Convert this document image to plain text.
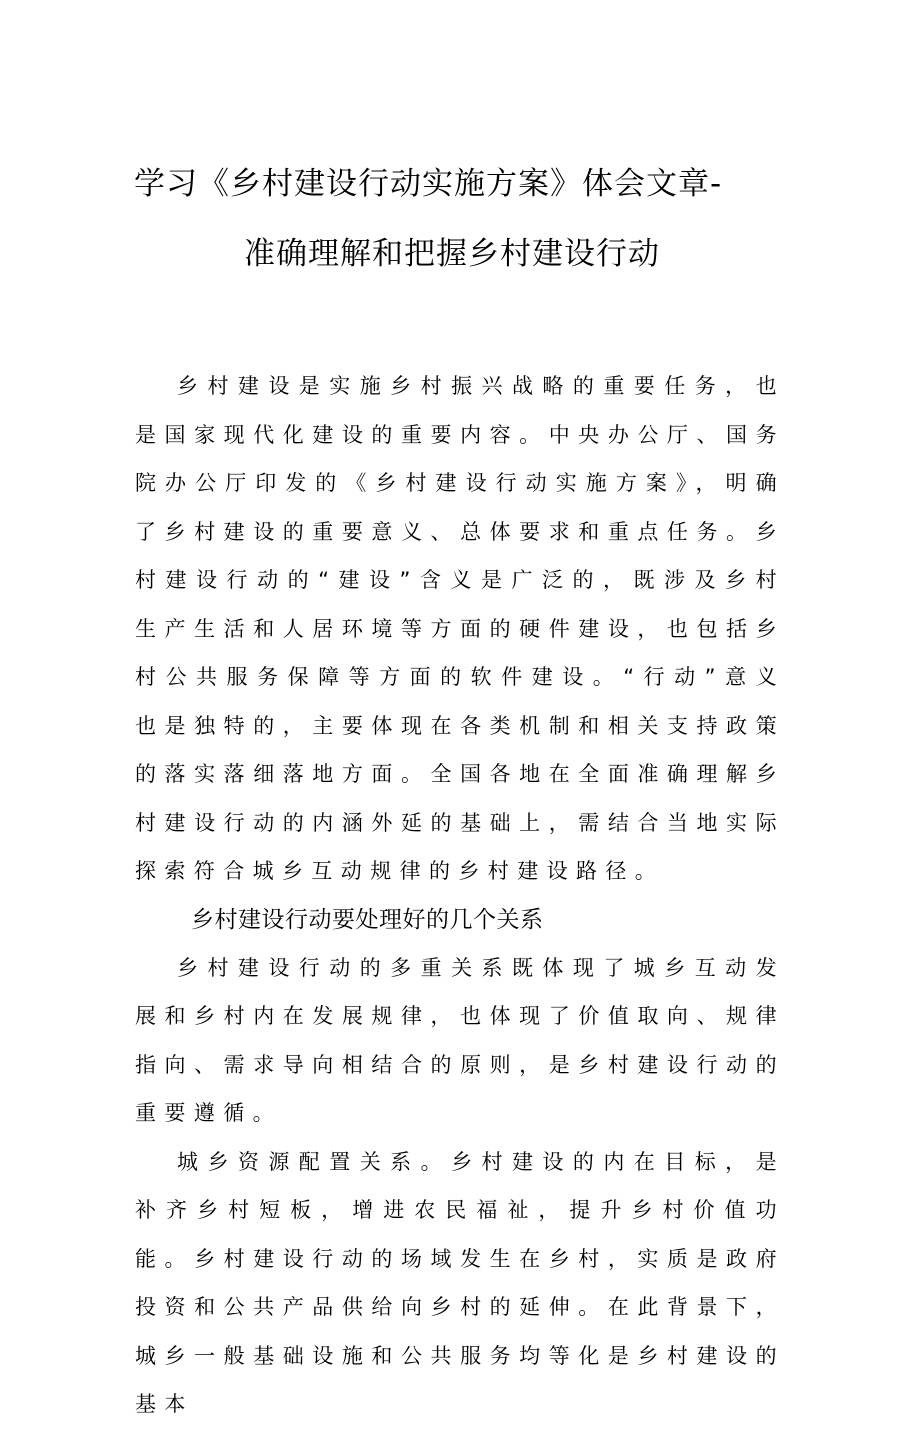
学习《乡村建设行动实施方案》体会文章-
准确理解和把握乡村建设行动

乡村建设是实施乡村振兴战略的重要任务，也是国家现代化建设的重要内容。中央办公厅、国务院办公厅印发的《乡村建设行动实施方案》，明确了乡村建设的重要意义、总体要求和重点任务。乡村建设行动的“建设”含义是广泛的，既涉及乡村生产生活和人居环境等方面的硬件建设，也包括乡村公共服务保障等方面的软件建设。“行动”意义也是独特的，主要体现在各类机制和相关支持政策的落实落细落地方面。全国各地在全面准确理解乡村建设行动的内涵外延的基础上，需结合当地实际探索符合城乡互动规律的乡村建设路径。

乡村建设行动要处理好的几个关系

乡村建设行动的多重关系既体现了城乡互动发展和乡村内在发展规律，也体现了价值取向、规律指向、需求导向相结合的原则，是乡村建设行动的重要遵循。

城乡资源配置关系。乡村建设的内在目标，是补齐乡村短板，增进农民福祉，提升乡村价值功能。乡村建设行动的场域发生在乡村，实质是政府投资和公共产品供给向乡村的延伸。在此背景下，城乡一般基础设施和公共服务均等化是乡村建设的基本
